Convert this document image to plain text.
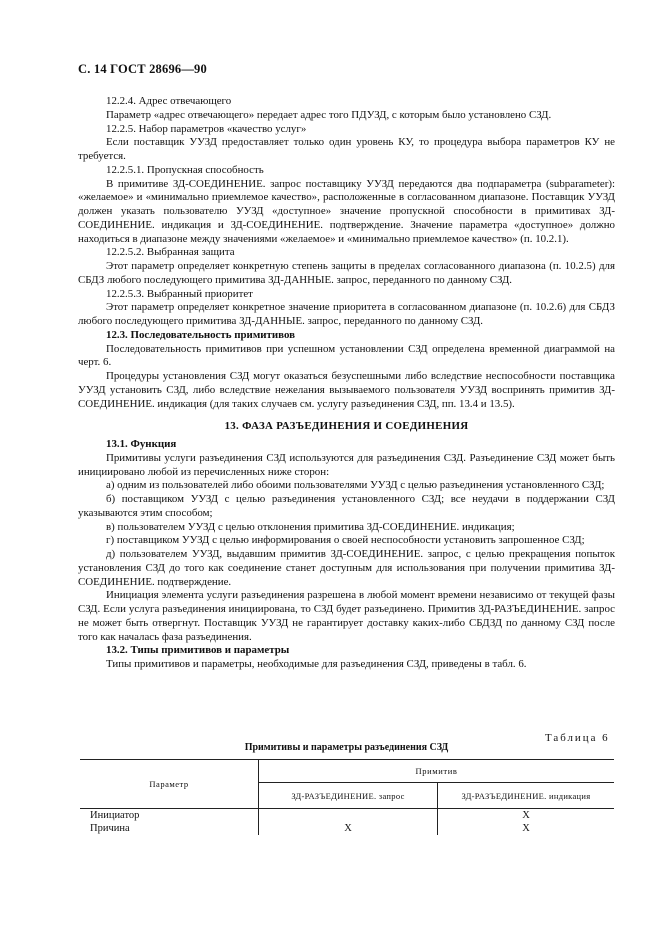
С. 14 ГОСТ 28696—90

12.2.4. Адрес отвечающего

Параметр «адрес отвечающего» передает адрес того ПДУЗД, с которым было установлено СЗД.

12.2.5. Набор параметров «качество услуг»

Если поставщик УУЗД предоставляет только один уровень КУ, то процедура выбора параметров КУ не требуется.

12.2.5.1. Пропускная способность

В примитиве ЗД-СОЕДИНЕНИЕ. запрос поставщику УУЗД передаются два подпараметра (subparameter): «желаемое» и «минимально приемлемое качество», расположенные в согласованном диапазоне. Поставщик УУЗД должен указать пользователю УУЗД «доступное» значение пропускной способности в примитивах ЗД-СОЕДИНЕНИЕ. индикация и ЗД-СОЕДИНЕНИЕ. подтверждение. Значение параметра «доступное» должно находиться в диапазоне между значениями «желаемое» и «минимально приемлемое качество» (п. 10.2.1).

12.2.5.2. Выбранная защита

Этот параметр определяет конкретную степень защиты в пределах согласованного диапазона (п. 10.2.5) для СБДЗ любого последующего примитива ЗД-ДАННЫЕ. запрос, переданного по данному СЗД.

12.2.5.3. Выбранный приоритет

Этот параметр определяет конкретное значение приоритета в согласованном диапазоне (п. 10.2.6) для СБДЗ любого последующего примитива ЗД-ДАННЫЕ. запрос, переданного по данному СЗД.

12.3. Последовательность примитивов

Последовательность примитивов при успешном установлении СЗД определена временной диаграммой на черт. 6.

Процедуры установления СЗД могут оказаться безуспешными либо вследствие неспособности поставщика УУЗД установить СЗД, либо вследствие нежелания вызываемого пользователя УУЗД воспринять примитив ЗД-СОЕДИНЕНИЕ. индикация (для таких случаев см. услугу разъединения СЗД, пп. 13.4 и 13.5).

13. ФАЗА РАЗЪЕДИНЕНИЯ И СОЕДИНЕНИЯ

13.1. Функция

Примитивы услуги разъединения СЗД используются для разъединения СЗД. Разъединение СЗД может быть инициировано любой из перечисленных ниже сторон:

а) одним из пользователей либо обоими пользователями УУЗД с целью разъединения установленного СЗД;

б) поставщиком УУЗД с целью разъединения установленного СЗД; все неудачи в поддержании СЗД указываются этим способом;

в) пользователем УУЗД с целью отклонения примитива ЗД-СОЕДИНЕНИЕ. индикация;

г) поставщиком УУЗД с целью информирования о своей неспособности установить запрошенное СЗД;

д) пользователем УУЗД, выдавшим примитив ЗД-СОЕДИНЕНИЕ. запрос, с целью прекращения попыток установления СЗД до того как соединение станет доступным для использования при получении примитива ЗД-СОЕДИНЕНИЕ. подтверждение.

Инициация элемента услуги разъединения разрешена в любой момент времени независимо от текущей фазы СЗД. Если услуга разъединения инициирована, то СЗД будет разъединено. Примитив ЗД-РАЗЪЕДИНЕНИЕ. запрос не может быть отвергнут. Поставщик УУЗД не гарантирует доставку каких-либо СБДЗД по данному СЗД после того как началась фаза разъединения.

13.2. Типы примитивов и параметры

Типы примитивов и параметры, необходимые для разъединения СЗД, приведены в табл. 6.

Таблица 6
Примитивы и параметры разъединения СЗД
Параметр	Примитив	
	ЗД-РАЗЪЕДИНЕНИЕ. запрос	ЗД-РАЗЪЕДИНЕНИЕ. индикация
Инициатор		X
Причина	X	X
